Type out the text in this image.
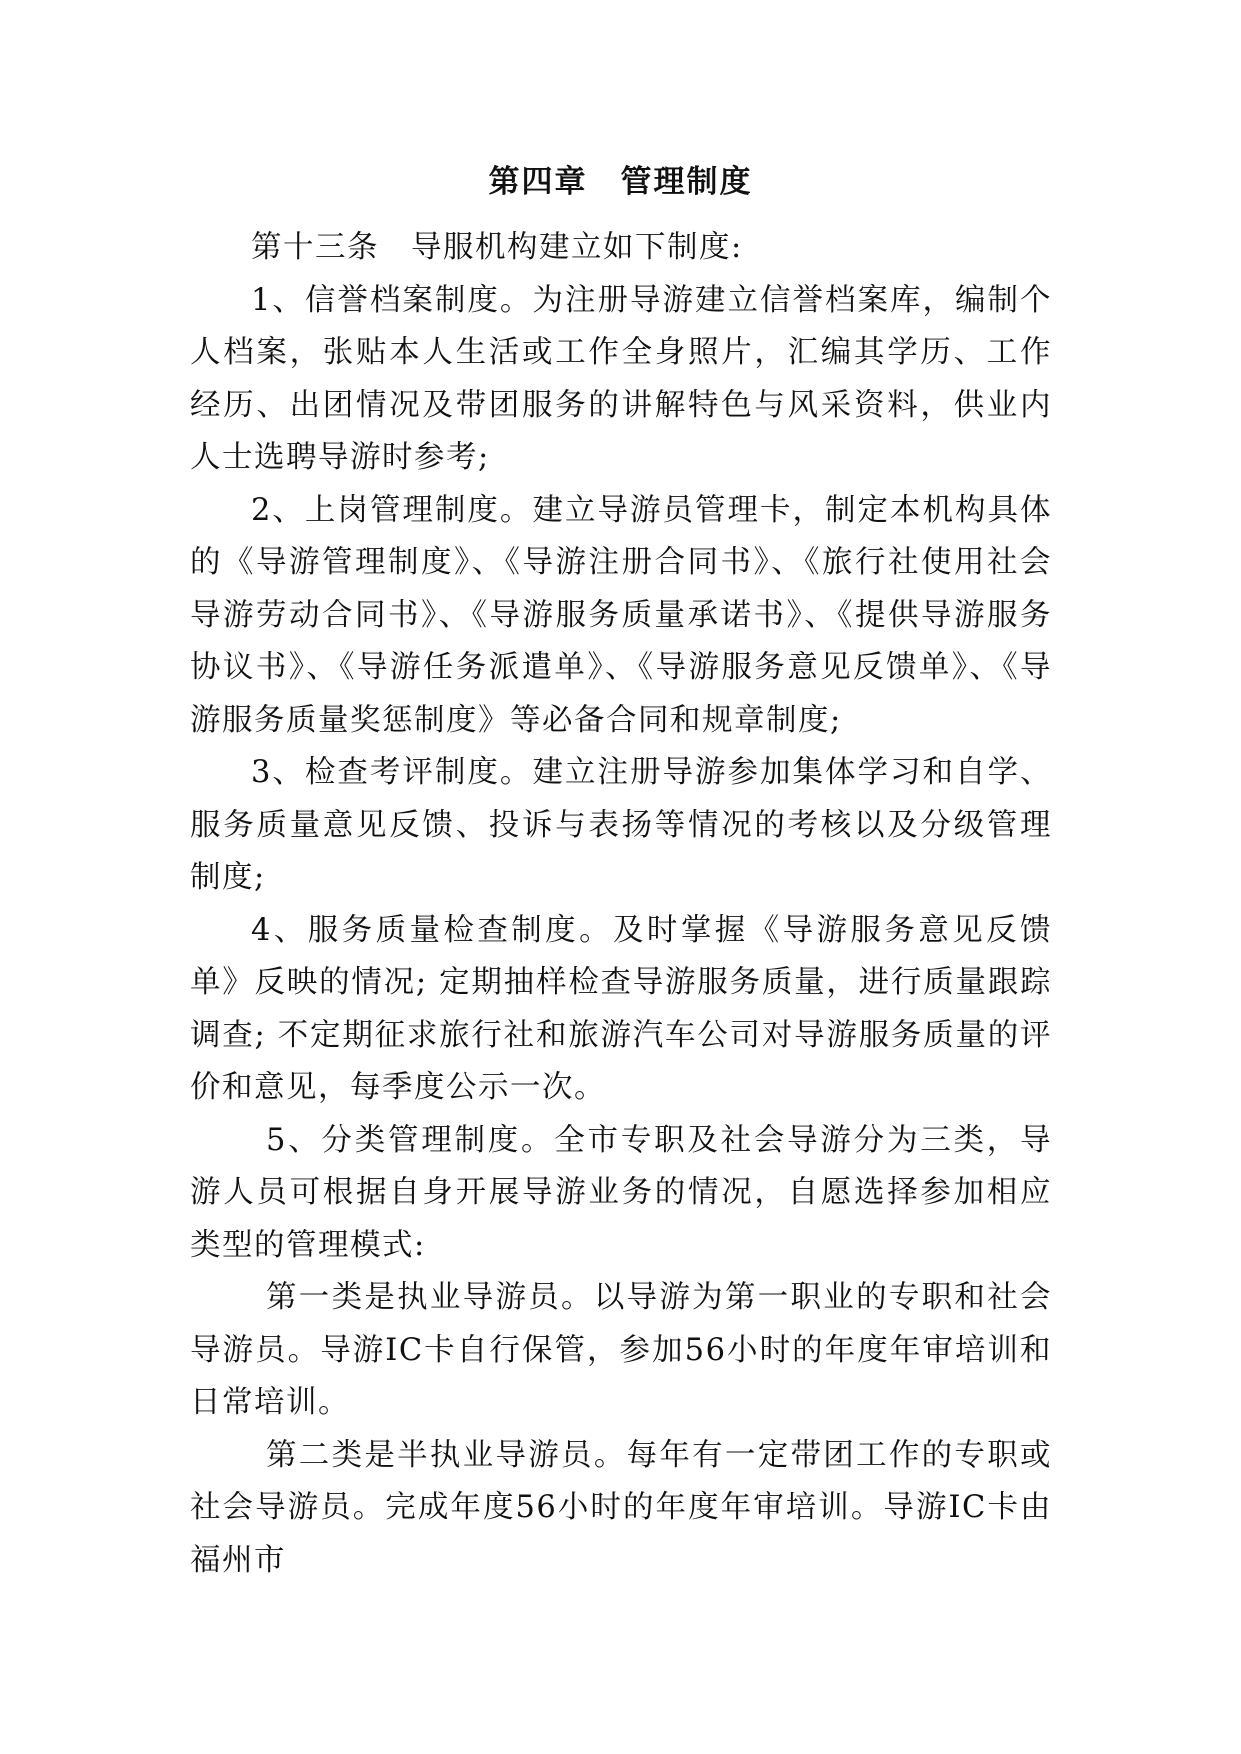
第四章　管理制度

第十三条　导服机构建立如下制度:

1、信誉档案制度。为注册导游建立信誉档案库，编制个人档案，张贴本人生活或工作全身照片，汇编其学历、工作经历、出团情况及带团服务的讲解特色与风采资料，供业内人士选聘导游时参考;

2、上岗管理制度。建立导游员管理卡，制定本机构具体的《导游管理制度》、《导游注册合同书》、《旅行社使用社会导游劳动合同书》、《导游服务质量承诺书》、《提供导游服务协议书》、《导游任务派遣单》、《导游服务意见反馈单》、《导游服务质量奖惩制度》等必备合同和规章制度;

3、检查考评制度。建立注册导游参加集体学习和自学、服务质量意见反馈、投诉与表扬等情况的考核以及分级管理制度;

4、服务质量检查制度。及时掌握《导游服务意见反馈单》反映的情况; 定期抽样检查导游服务质量，进行质量跟踪调查; 不定期征求旅行社和旅游汽车公司对导游服务质量的评价和意见，每季度公示一次。

5、分类管理制度。全市专职及社会导游分为三类，导游人员可根据自身开展导游业务的情况，自愿选择参加相应类型的管理模式:

第一类是执业导游员。以导游为第一职业的专职和社会导游员。导游IC卡自行保管，参加56小时的年度年审培训和日常培训。

第二类是半执业导游员。每年有一定带团工作的专职或社会导游员。完成年度56小时的年度年审培训。导游IC卡由福州市
